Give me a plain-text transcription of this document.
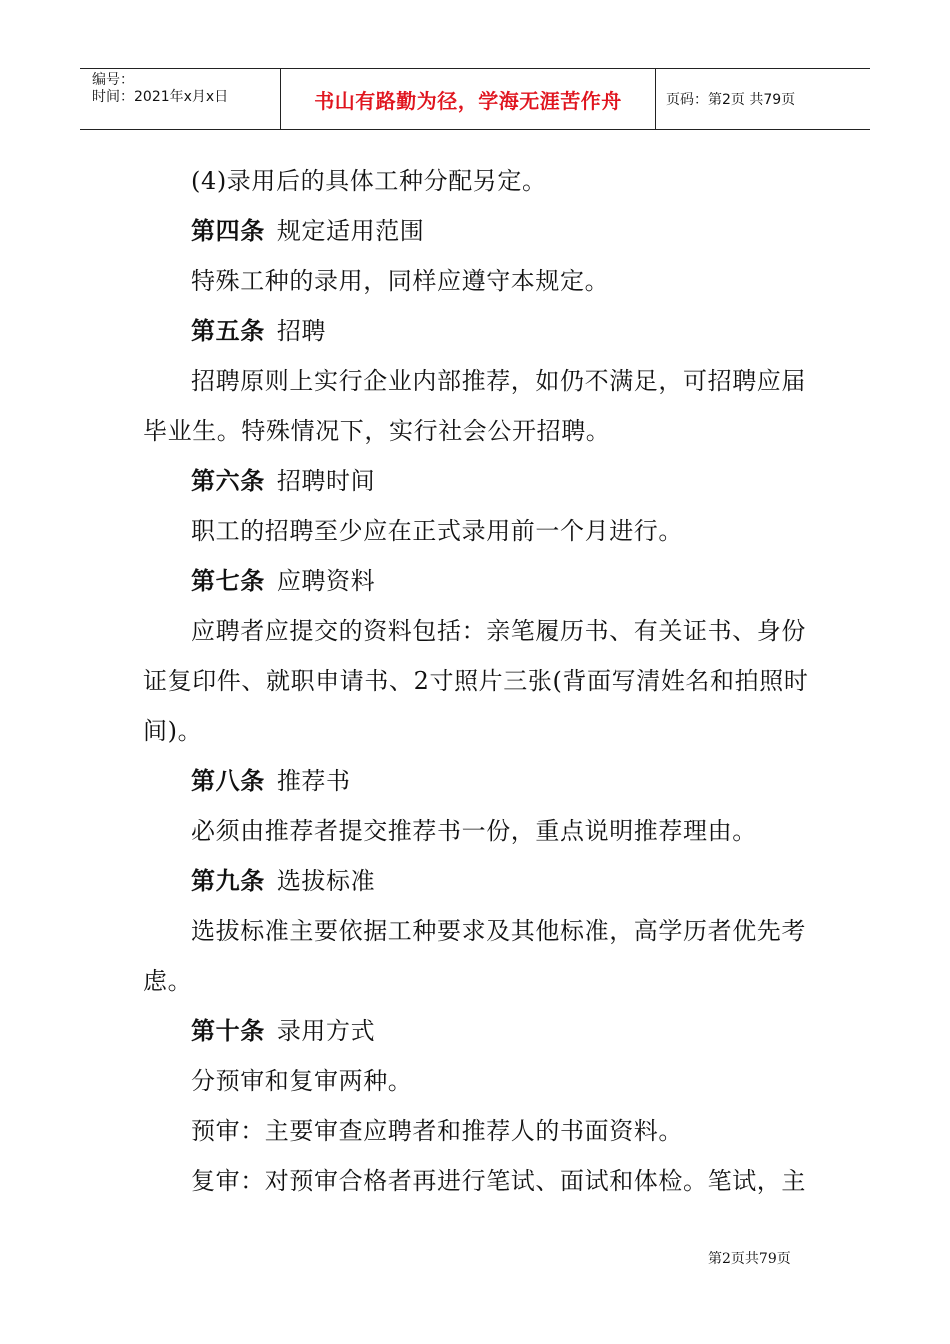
编号：
时间：2021年x月x日	书山有路勤为径，学海无涯苦作舟	页码：第2页 共79页

(4)录用后的具体工种分配另定。

第四条 规定适用范围

特殊工种的录用，同样应遵守本规定。

第五条 招聘

招聘原则上实行企业内部推荐，如仍不满足，可招聘应届毕业生。特殊情况下，实行社会公开招聘。

第六条 招聘时间

职工的招聘至少应在正式录用前一个月进行。

第七条 应聘资料

应聘者应提交的资料包括：亲笔履历书、有关证书、身份证复印件、就职申请书、2寸照片三张(背面写清姓名和拍照时间)。

第八条 推荐书

必须由推荐者提交推荐书一份，重点说明推荐理由。

第九条 选拔标准

选拔标准主要依据工种要求及其他标准，高学历者优先考虑。

第十条 录用方式

分预审和复审两种。

预审：主要审查应聘者和推荐人的书面资料。

复审：对预审合格者再进行笔试、面试和体检。笔试，主

第2页共79页
